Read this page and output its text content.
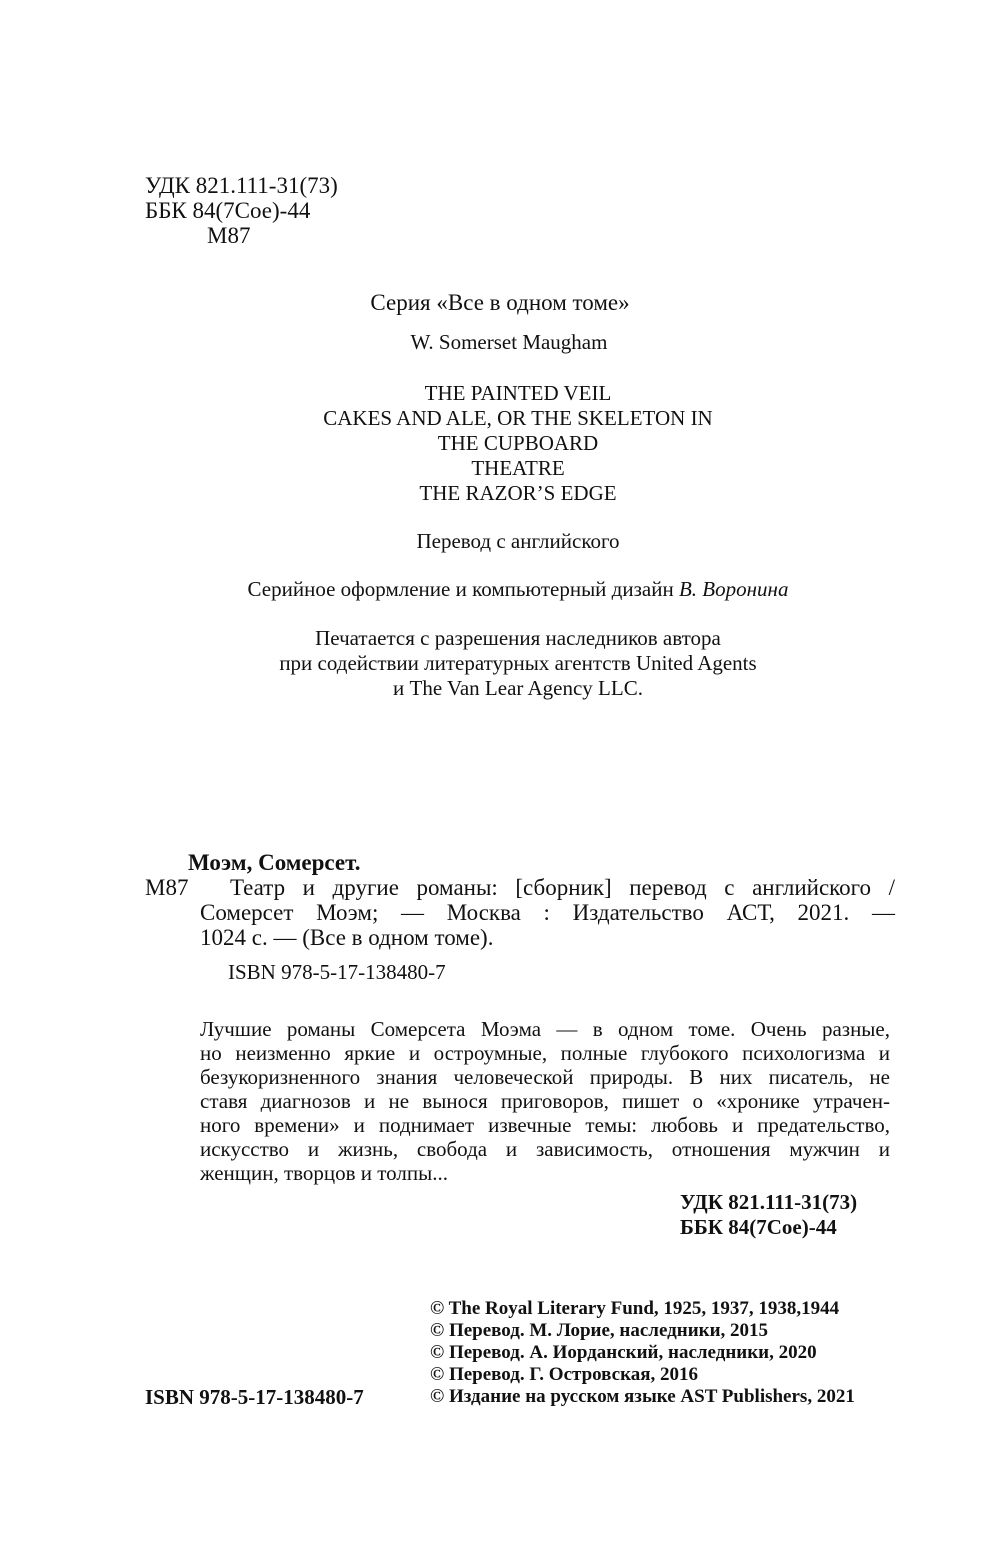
УДК 821.111-31(73)
ББК 84(7Сое)-44
М87
Серия «Все в одном томе»
W. Somerset Maugham
THE PAINTED VEIL
CAKES AND ALE, OR THE SKELETON IN
THE CUPBOARD
THEATRE
THE RAZOR’S EDGE
Перевод с английского
Серийное оформление и компьютерный дизайн В. Воронина
Печатается с разрешения наследников автора
при содействии литературных агентств United Agents
и The Van Lear Agency LLC.
Моэм, Сомерсет.
М87	Театр и другие романы: [сборник] перевод с английского /
Сомерсет Моэм; — Москва : Издательство АСТ, 2021. —
1024 с. — (Все в одном томе).
ISBN 978-5-17-138480-7

Лучшие романы Сомерсета Моэма — в одном томе. Очень разные,

но неизменно яркие и остроумные, полные глубокого психологизма и

безукоризненного знания человеческой природы. В них писатель, не

ставя диагнозов и не вынося приговоров, пишет о «хронике утрачен-

ного времени» и поднимает извечные темы: любовь и предательство,

искусство и жизнь, свобода и зависимость, отношения мужчин и

женщин, творцов и толпы...

УДК 821.111-31(73)
ББК 84(7Сое)-44
ISBN 978-5-17-138480-7
© The Royal Literary Fund, 1925, 1937, 1938,1944
© Перевод. М. Лорие, наследники, 2015
© Перевод. А. Иорданский, наследники, 2020
© Перевод. Г. Островская, 2016
© Издание на русском языке AST Publishers, 2021
